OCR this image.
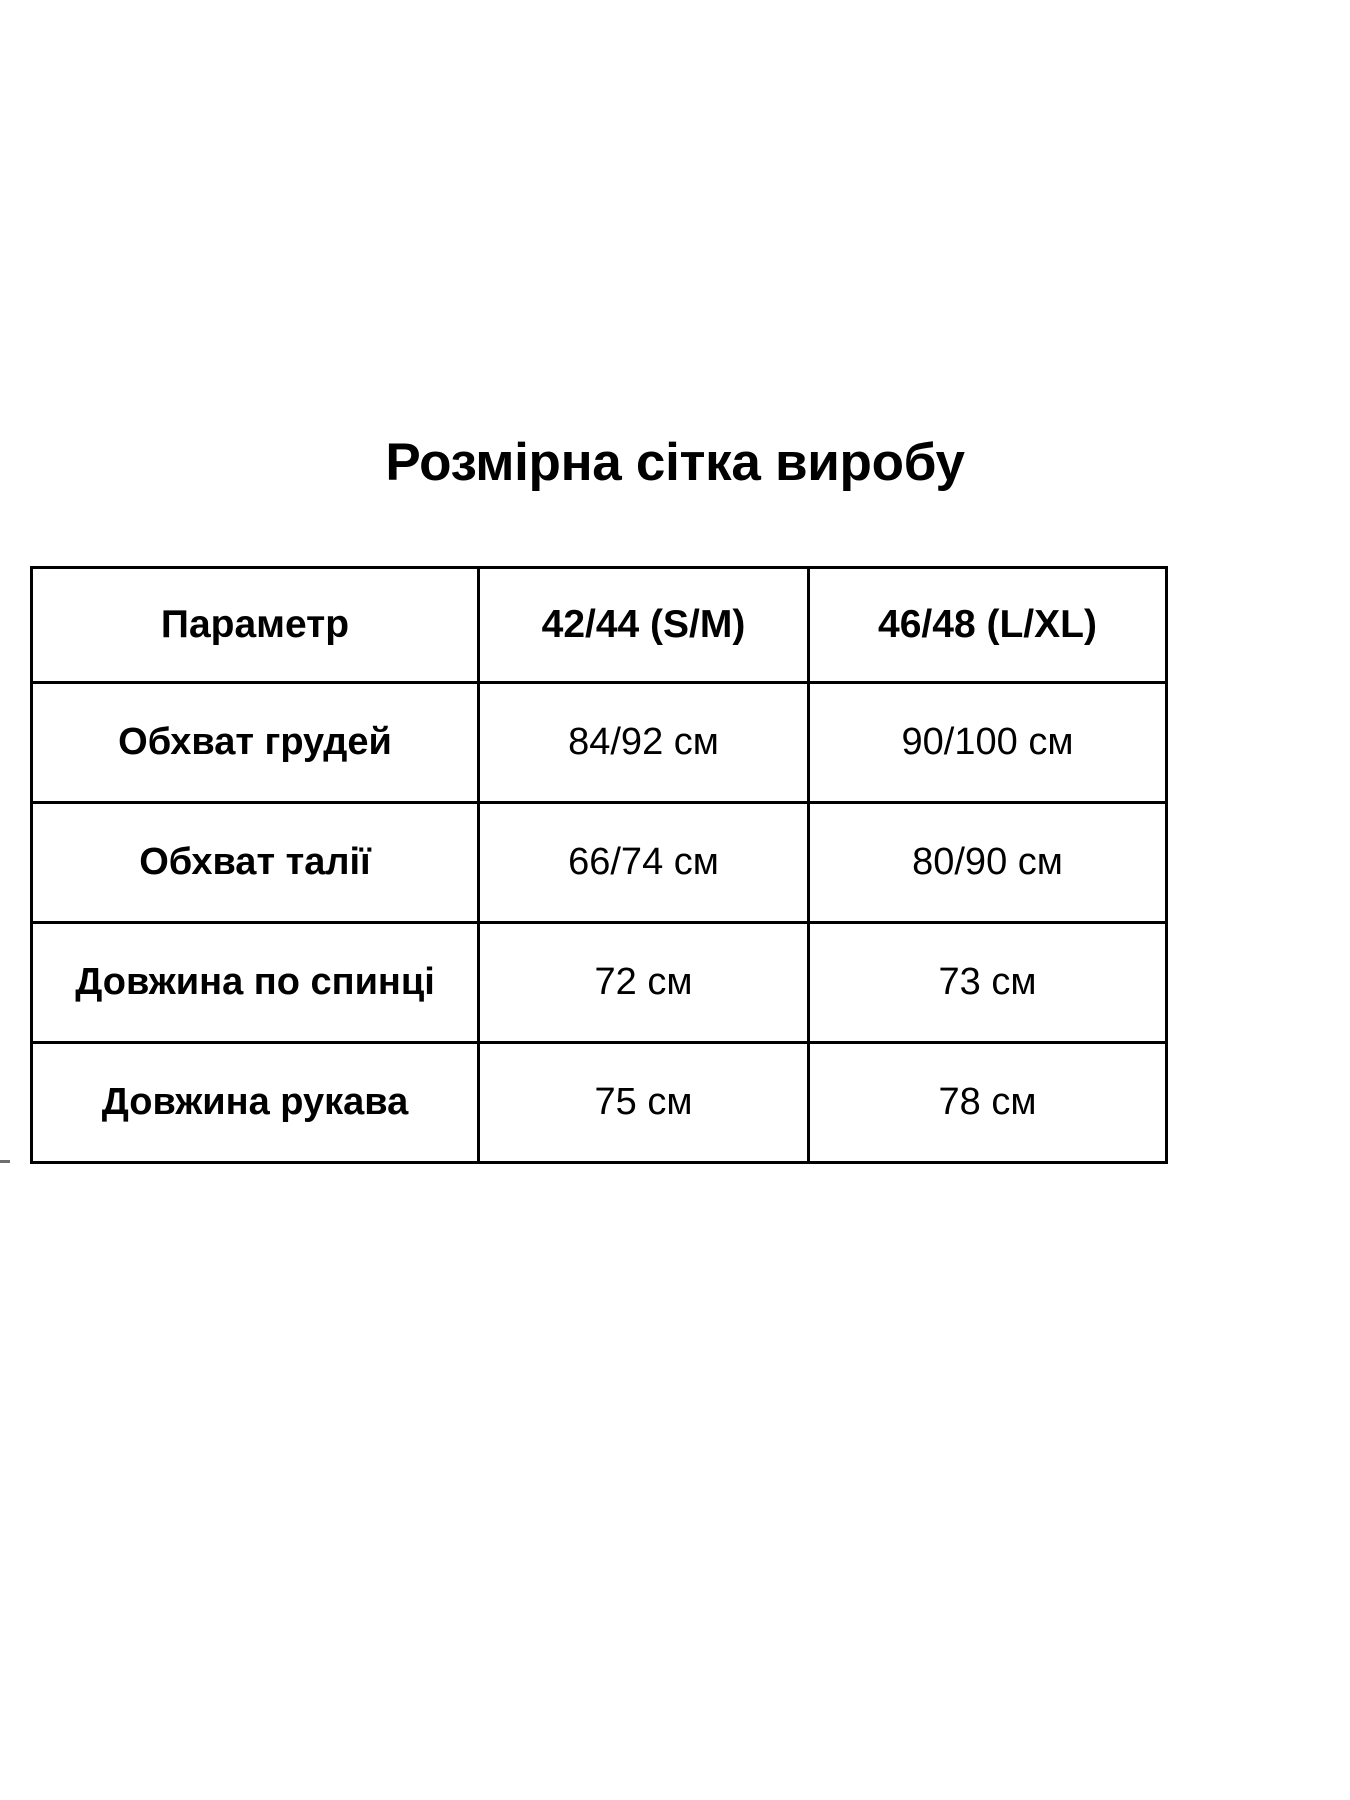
Розмірна сітка виробу
Параметр	42/44 (S/M)	46/48 (L/XL)
Обхват грудей	84/92 см	90/100 см
Обхват талії	66/74 см	80/90 см
Довжина по спинці	72 см	73 см
Довжина рукава	75 см	78 см
